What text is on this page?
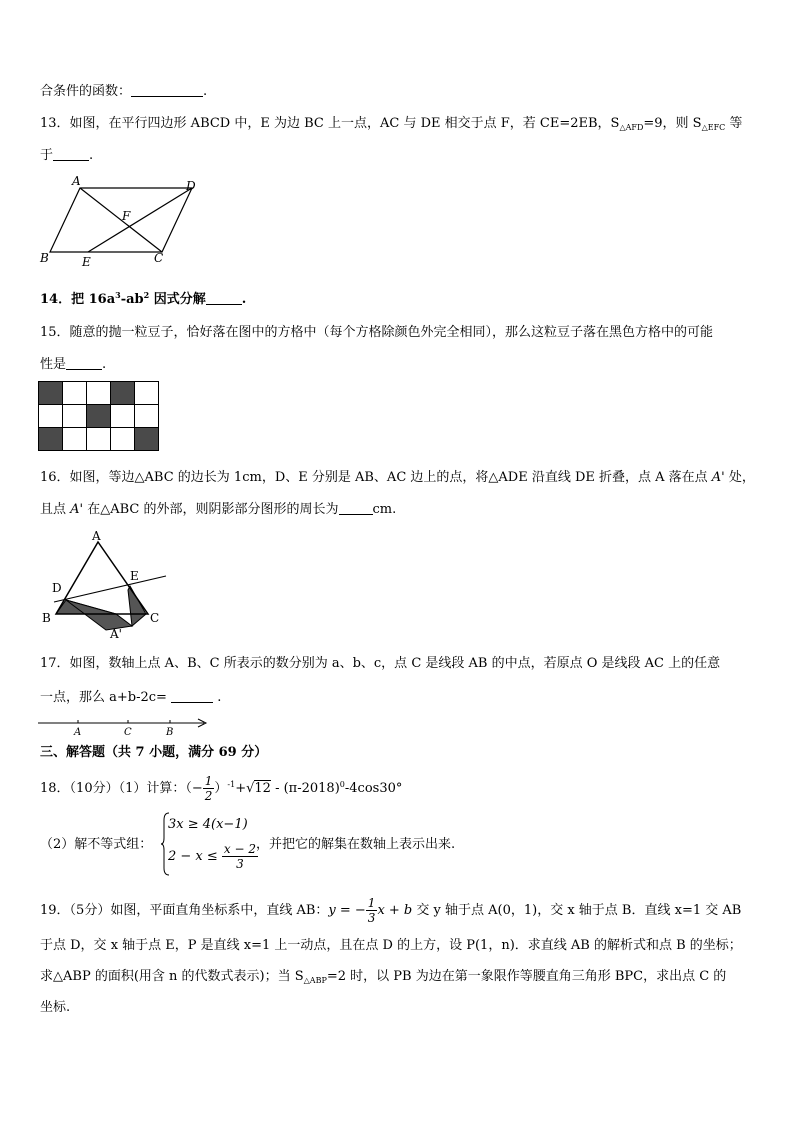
合条件的函数：	.
13．如图，在平行四边形 ABCD 中，E 为边 BC 上一点，AC 与 DE 相交于点 F，若 CE=2EB，$S_{\triangle AFD}=9$，则 $S_{\triangle EFC}$ 等
于	.
A	D
F
B	E	C
14．把 $16a^3-ab^2$ 因式分解	.
15．随意的抛一粒豆子，恰好落在图中的方格中（每个方格除颜色外完全相同），那么这粒豆子落在黑色方格中的可能
性是	.

16．如图，等边△ABC 的边长为 1cm，D、E 分别是 AB、AC 边上的点，将△ADE 沿直线 DE 折叠，点 A 落在点 A' 处，
且点 A' 在△ABC 的外部，则阴影部分图形的周长为	cm.
A
D
E
B	C
A'
17．如图，数轴上点 A、B、C 所表示的数分别为 a、b、c，点 C 是线段 AB 的中点，若原点 O 是线段 AC 上的任意
一点，那么 a+b-2c=	.
A	C	B
三、解答题（共 7 小题，满分 69 分）
18．（10分）（1）计算：（− $\frac{1}{2} )^{-1}+√12 - (\pi-2018)^0-4\cos 30^\circ$
（2）解不等式组：
3x ≥ 4(x−1)
$2 - x \le \frac{x - 2}{3}$
，并把它的解集在数轴上表示出来.
19．（5分）如图，平面直角坐标系中，直线 AB：y = − $\frac{1}{3}$ x + b 交 y 轴于点 A(0，1)，交 x 轴于点 B．直线 x=1 交 AB
于点 D，交 x 轴于点 E，P 是直线 x=1 上一动点，且在点 D 的上方，设 P(1，n)．求直线 AB 的解析式和点 B 的坐标；
求△ABP 的面积(用含 n 的代数式表示)；当 $S_{\triangle ABP}=2$ 时，以 PB 为边在第一象限作等腰直角三角形 BPC，求出点 C 的
坐标.
